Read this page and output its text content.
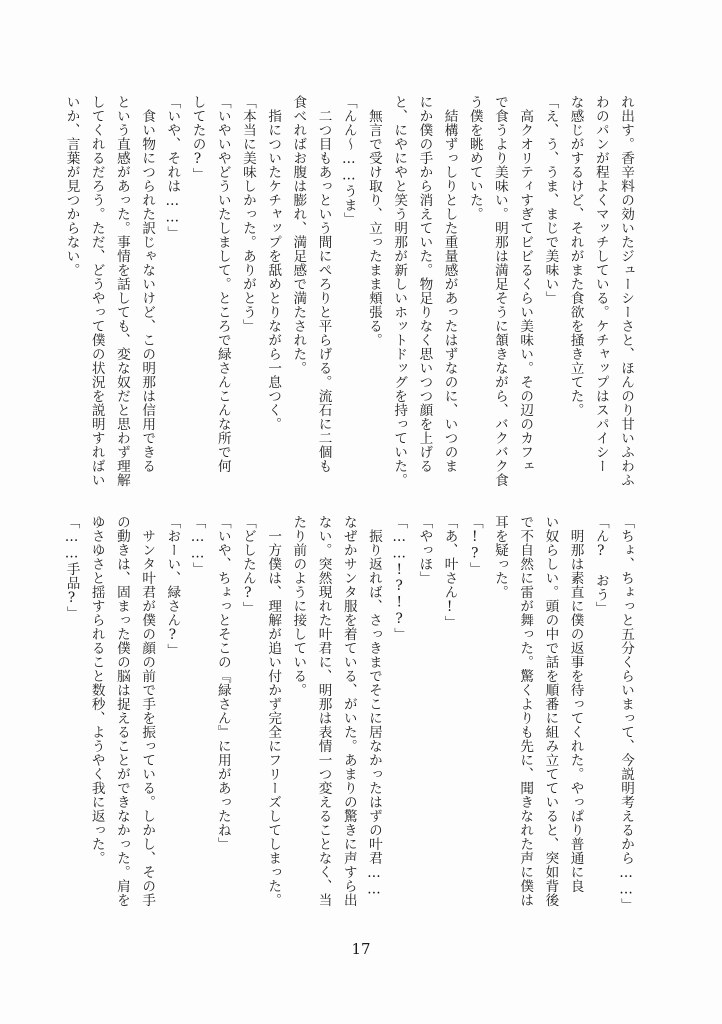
れ出す。香辛料の効いたジューシーさと、ほんのり甘いふわふ
わのパンが程よくマッチしている。ケチャップはスパイシー
な感じがするけど、それがまた食欲を掻き立てた。
「え、う、うま、まじで美味い」
　高クオリティすぎてビビるくらい美味い。その辺のカフェ
で食うより美味い。明那は満足そうに頷きながら、バクバク食
う僕を眺めていた。
　結構ずっしりとした重量感があったはずなのに、いつのま
にか僕の手から消えていた。物足りなく思いつつ顔を上げる
と、にやにやと笑う明那が新しいホットドッグを持っていた。
　無言で受け取り、立ったまま頬張る。
「んん〜……うま」
　二つ目もあっという間にぺろりと平らげる。流石に二個も
食べればお腹は膨れ、満足感で満たされた。
　指についたケチャップを舐めとりながら一息つく。
「本当に美味しかった。ありがとう」
「いやいやどういたしまして。ところで緑さんこんな所で何
してたの?」
「いや、それは……」
　食い物につられた訳じゃないけど、この明那は信用できる
という直感があった。事情を話しても、変な奴だと思わず理解
してくれるだろう。ただ、どうやって僕の状況を説明すればい
いか、言葉が見つからない。
「ちょ、ちょっと五分くらいまって、今説明考えるから……」
「ん?　おう」
　明那は素直に僕の返事を待ってくれた。やっぱり普通に良
い奴らしい。頭の中で話を順番に組み立てていると、突如背後
で不自然に雷が舞った。驚くよりも先に、聞きなれた声に僕は
耳を疑った。
「!?」
「あ、叶さん!」
「やっほ」
「……!?!?」
　振り返れば、さっきまでそこに居なかったはずの叶君……
なぜかサンタ服を着ている、がいた。あまりの驚きに声すら出
ない。突然現れた叶君に、明那は表情一つ変えることなく、当
たり前のように接している。
　一方僕は、理解が追い付かず完全にフリーズしてしまった。
「どしたん?」
「いや、ちょっとそこの『緑さん』に用があったね」
「……」
「おーい、緑さん?」
　サンタ叶君が僕の顔の前で手を振っている。しかし、その手
の動きは、固まった僕の脳は捉えることができなかった。肩を
ゆさゆさと揺すられること数秒、ようやく我に返った。
「……手品?」
17
